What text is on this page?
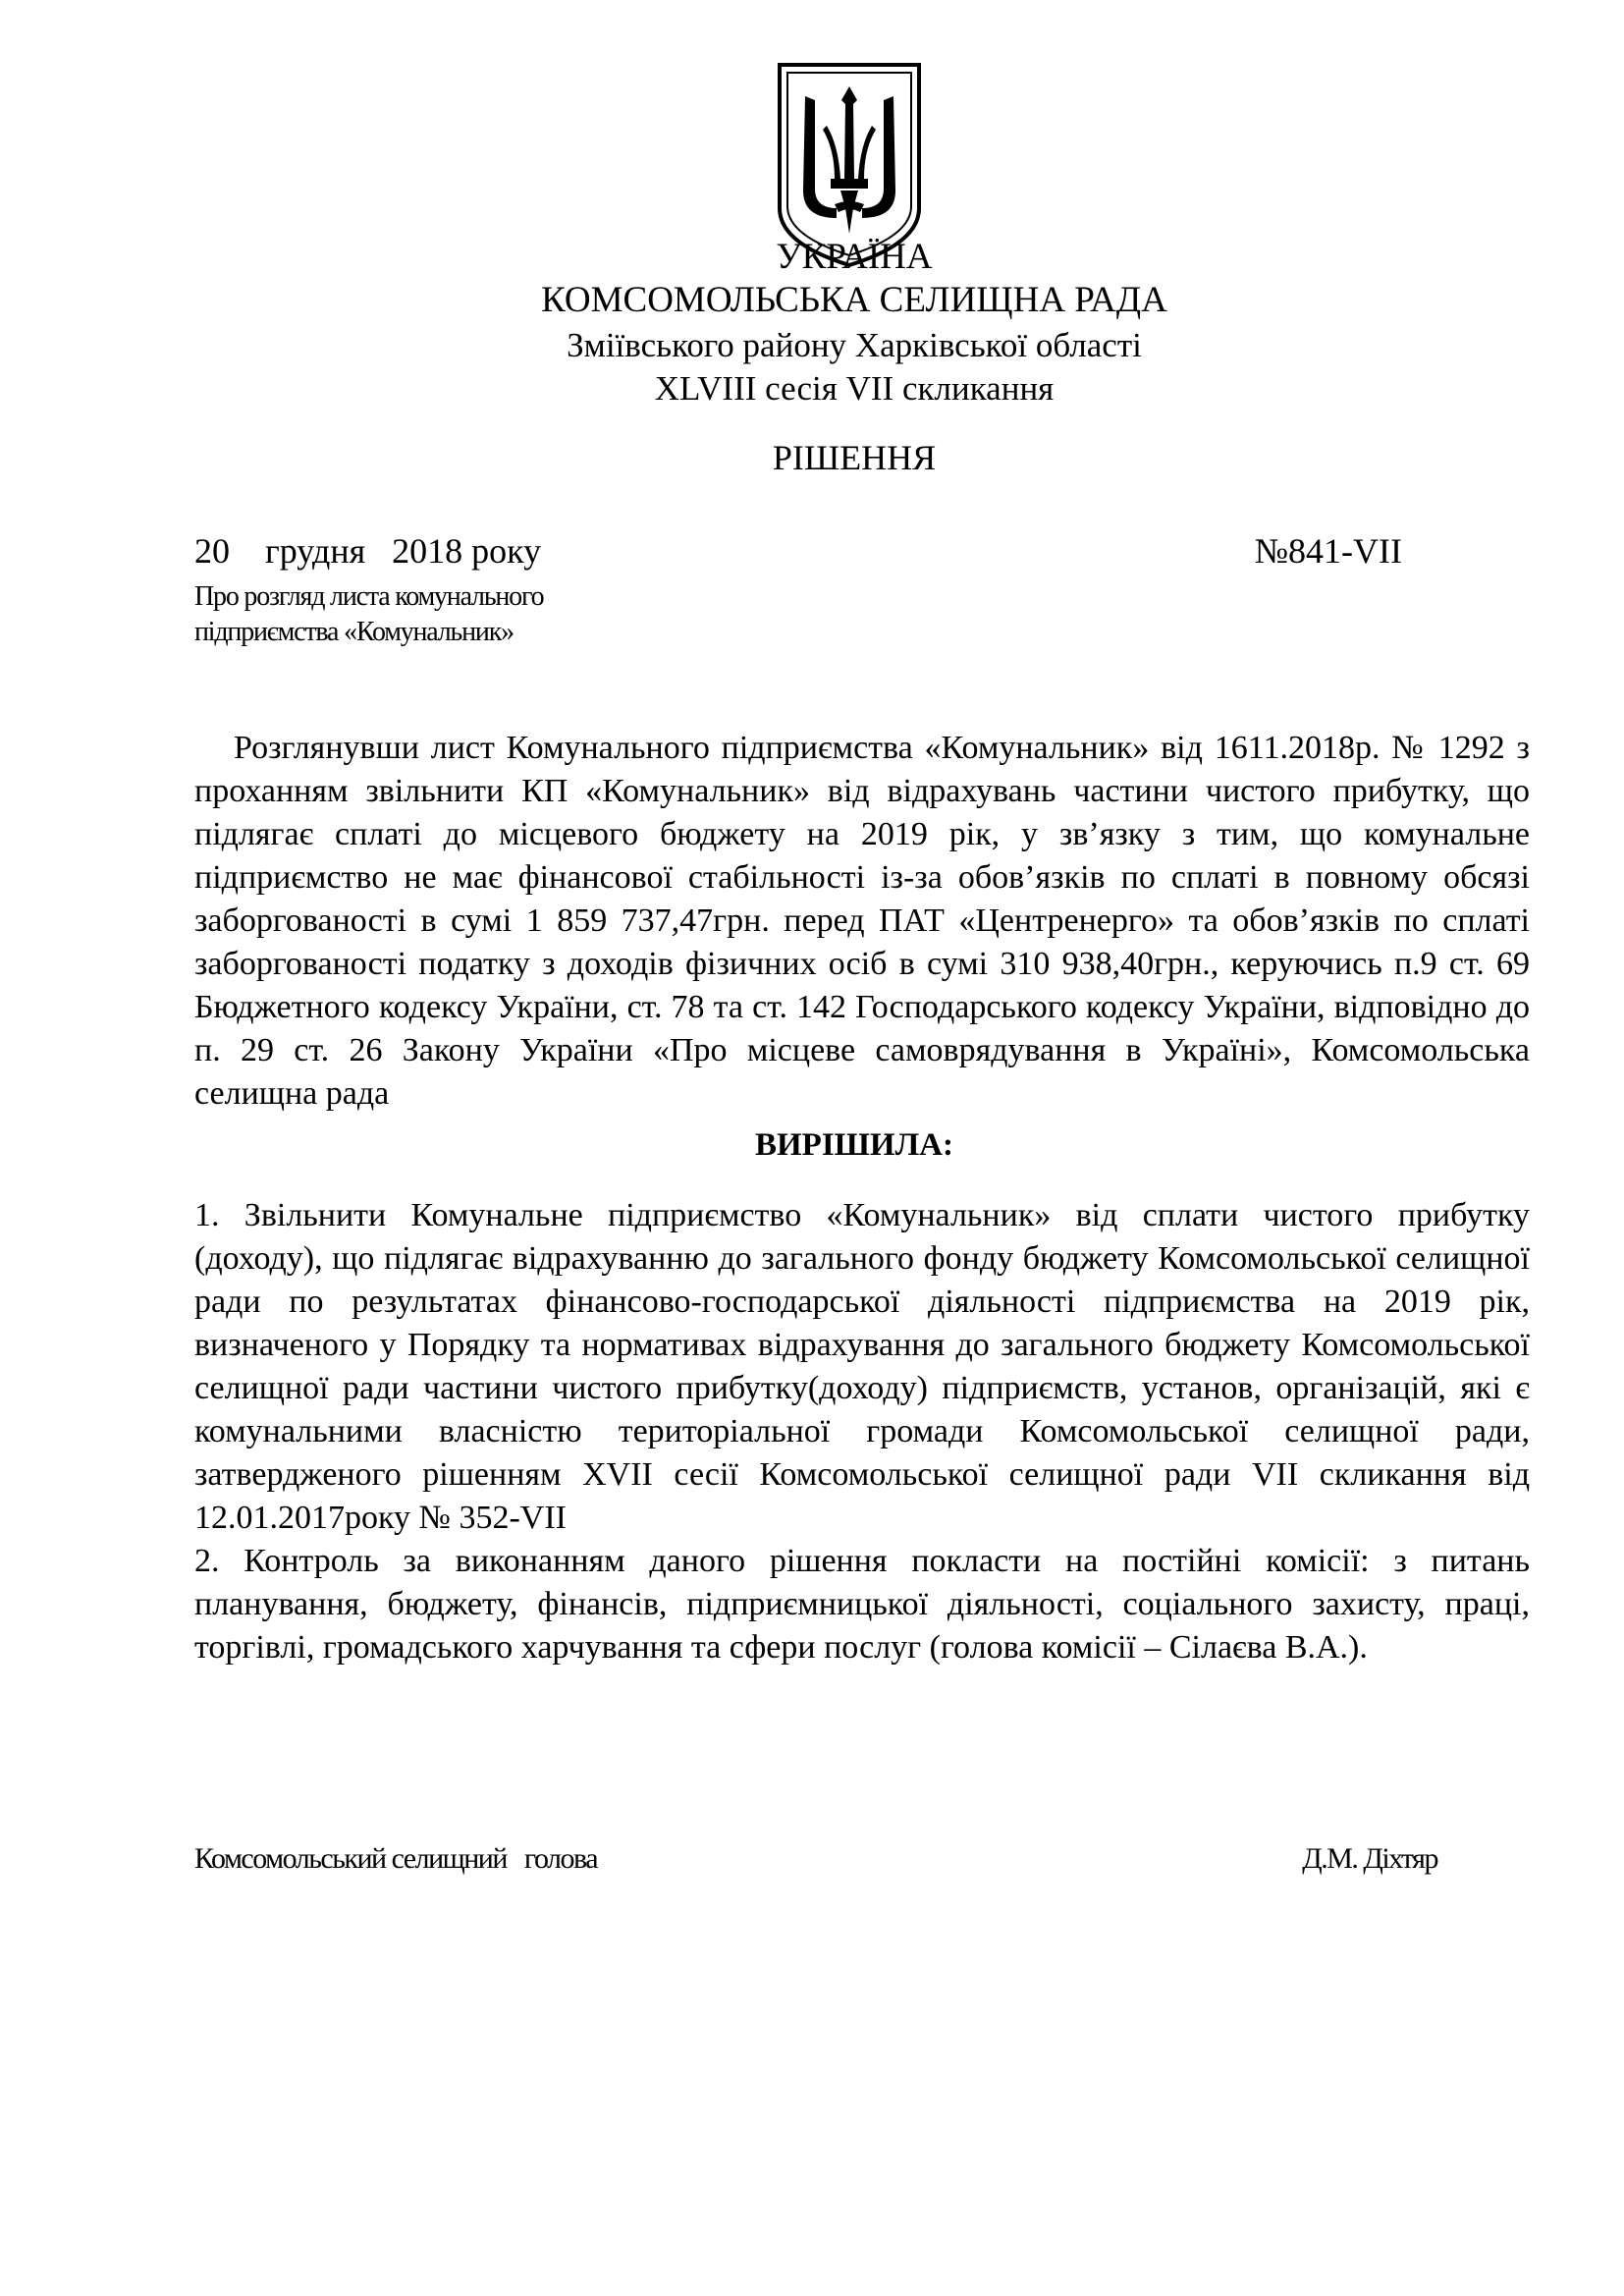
УКРАЇНА
КОМСОМОЛЬСЬКА СЕЛИЩНА РАДА
Зміївського району Харківської області
XLVIII сесія VII скликання
РІШЕННЯ
20    грудня   2018 року	№841-VII
Про розгляд листа комунального
підприємства «Комунальник»
Розглянувши лист Комунального підприємства «Комунальник» від 1611.2018р. № 1292 з проханням звільнити КП «Комунальник» від відрахувань частини чистого прибутку, що підлягає сплаті до місцевого бюджету на 2019 рік, у зв’язку з тим, що комунальне підприємство не має фінансової стабільності із-за обов’язків по сплаті в повному обсязі заборгованості в сумі 1 859 737,47грн. перед ПАТ «Центренерго» та обов’язків по сплаті заборгованості податку з доходів фізичних осіб в сумі 310 938,40грн., керуючись п.9 ст. 69 Бюджетного кодексу України, ст. 78 та ст. 142 Господарського кодексу України, відповідно до п. 29 ст. 26 Закону України «Про місцеве самоврядування в Україні», Комсомольська селищна рада
ВИРІШИЛА:
1. Звільнити Комунальне підприємство «Комунальник» від сплати чистого прибутку (доходу), що підлягає відрахуванню до загального фонду бюджету Комсомольської селищної ради по результатах фінансово-господарської діяльності підприємства на 2019 рік, визначеного у Порядку та нормативах відрахування до загального бюджету Комсомольської селищної ради частини чистого прибутку(доходу) підприємств, установ, організацій, які є комунальними власністю територіальної громади Комсомольської селищної ради, затвердженого рішенням XVII сесії Комсомольської селищної ради VII скликання від 12.01.2017року № 352-VII
2. Контроль за виконанням даного рішення покласти на постійні комісії: з питань планування, бюджету, фінансів, підприємницької діяльності, соціального захисту, праці, торгівлі, громадського харчування та сфери послуг (голова комісії – Сілаєва В.А.).
Комсомольський селищний   голова	Д.М. Діхтяр
